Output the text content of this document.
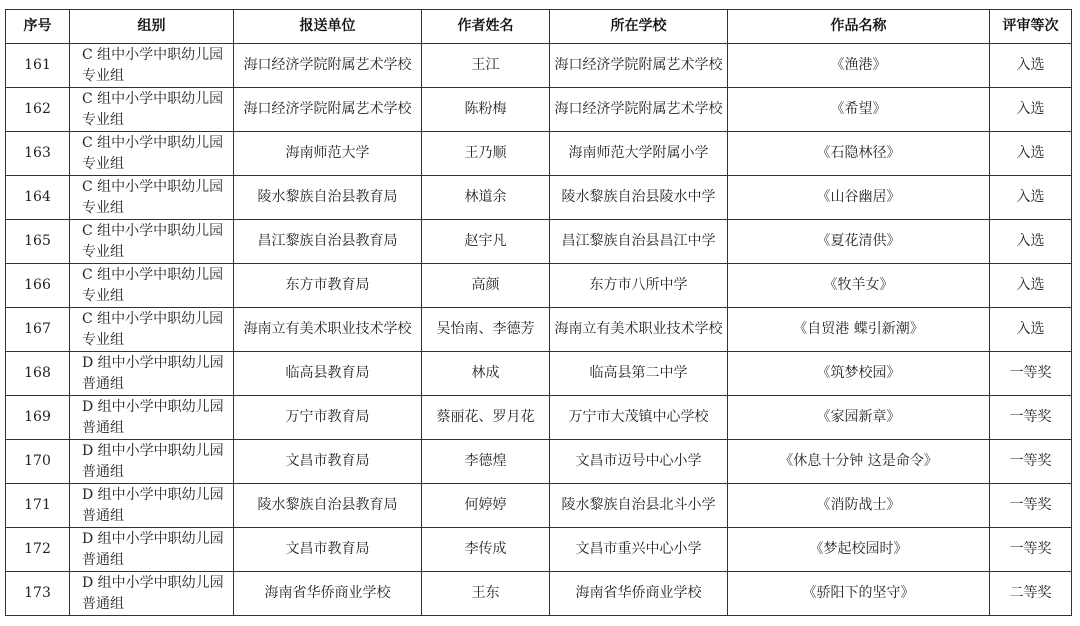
序号	组别	报送单位	作者姓名	所在学校	作品名称	评审等次
161	C 组中小学中职幼儿园专业组	海口经济学院附属艺术学校	王江	海口经济学院附属艺术学校	《渔港》	入选
162	C 组中小学中职幼儿园专业组	海口经济学院附属艺术学校	陈粉梅	海口经济学院附属艺术学校	《希望》	入选
163	C 组中小学中职幼儿园专业组	海南师范大学	王乃顺	海南师范大学附属小学	《石隐林径》	入选
164	C 组中小学中职幼儿园专业组	陵水黎族自治县教育局	林道余	陵水黎族自治县陵水中学	《山谷幽居》	入选
165	C 组中小学中职幼儿园专业组	昌江黎族自治县教育局	赵宇凡	昌江黎族自治县昌江中学	《夏花清供》	入选
166	C 组中小学中职幼儿园专业组	东方市教育局	高颜	东方市八所中学	《牧羊女》	入选
167	C 组中小学中职幼儿园专业组	海南立有美术职业技术学校	吴怡南、李德芳	海南立有美术职业技术学校	《自贸港 蝶引新潮》	入选
168	D 组中小学中职幼儿园普通组	临高县教育局	林成	临高县第二中学	《筑梦校园》	一等奖
169	D 组中小学中职幼儿园普通组	万宁市教育局	蔡丽花、罗月花	万宁市大茂镇中心学校	《家园新章》	一等奖
170	D 组中小学中职幼儿园普通组	文昌市教育局	李德煌	文昌市迈号中心小学	《休息十分钟 这是命令》	一等奖
171	D 组中小学中职幼儿园普通组	陵水黎族自治县教育局	何婷婷	陵水黎族自治县北斗小学	《消防战士》	一等奖
172	D 组中小学中职幼儿园普通组	文昌市教育局	李传成	文昌市重兴中心小学	《梦起校园时》	一等奖
173	D 组中小学中职幼儿园普通组	海南省华侨商业学校	王东	海南省华侨商业学校	《骄阳下的坚守》	二等奖
